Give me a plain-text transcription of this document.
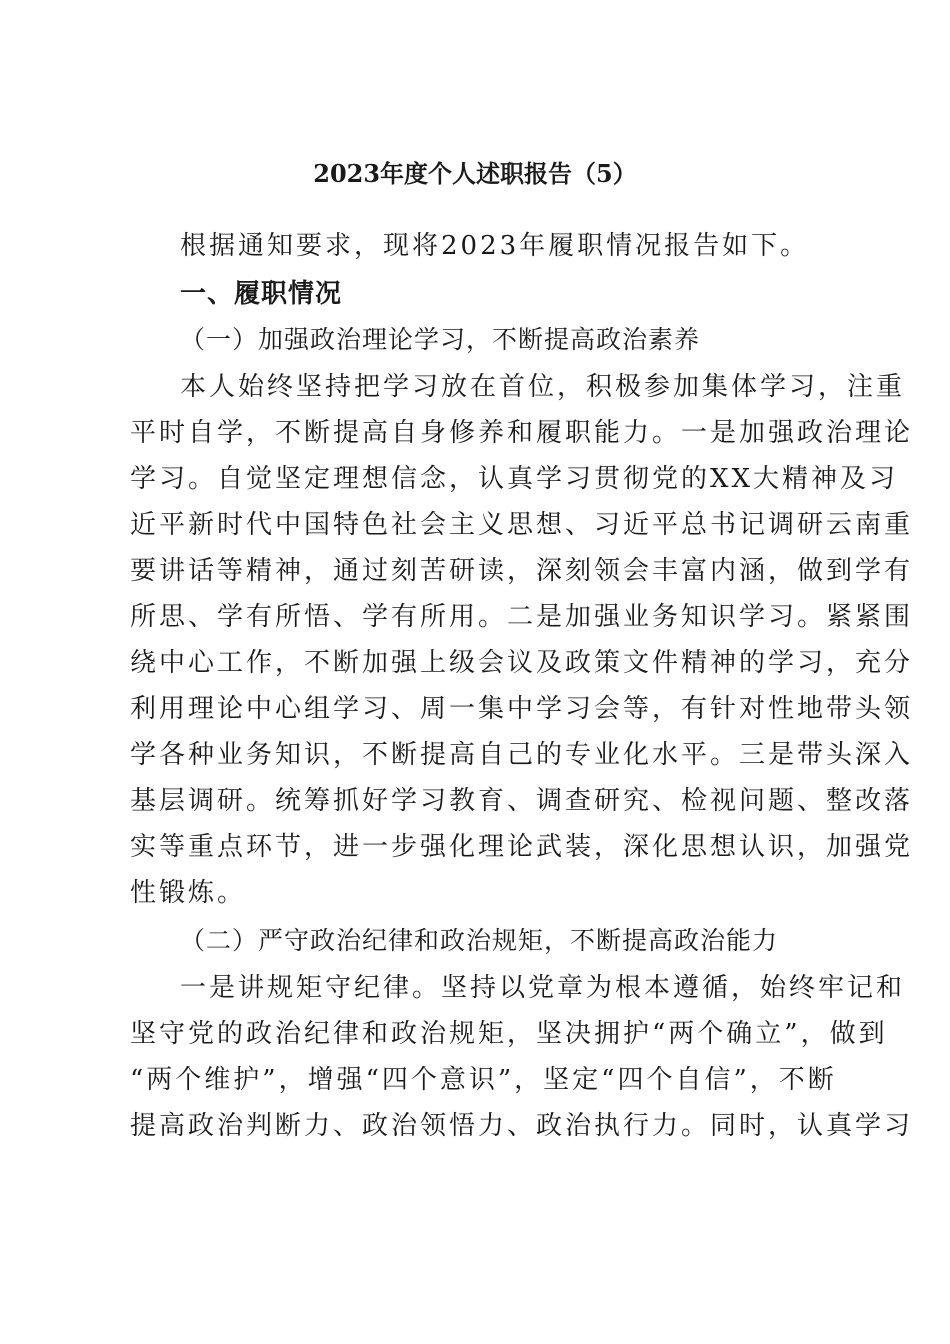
2023年度个人述职报告（5）
根据通知要求，现将2023年履职情况报告如下。
一、履职情况
（一）加强政治理论学习，不断提高政治素养
本人始终坚持把学习放在首位，积极参加集体学习，注重
平时自学，不断提高自身修养和履职能力。一是加强政治理论
学习。自觉坚定理想信念，认真学习贯彻党的XX大精神及习
近平新时代中国特色社会主义思想、习近平总书记调研云南重
要讲话等精神，通过刻苦研读，深刻领会丰富内涵，做到学有
所思、学有所悟、学有所用。二是加强业务知识学习。紧紧围
绕中心工作，不断加强上级会议及政策文件精神的学习，充分
利用理论中心组学习、周一集中学习会等，有针对性地带头领
学各种业务知识，不断提高自己的专业化水平。三是带头深入
基层调研。统筹抓好学习教育、调查研究、检视问题、整改落
实等重点环节，进一步强化理论武装，深化思想认识，加强党
性锻炼。
（二）严守政治纪律和政治规矩，不断提高政治能力
一是讲规矩守纪律。坚持以党章为根本遵循，始终牢记和
坚守党的政治纪律和政治规矩，坚决拥护“两个确立”，做到
“两个维护”，增强“四个意识”，坚定“四个自信”，不断
提高政治判断力、政治领悟力、政治执行力。同时，认真学习
